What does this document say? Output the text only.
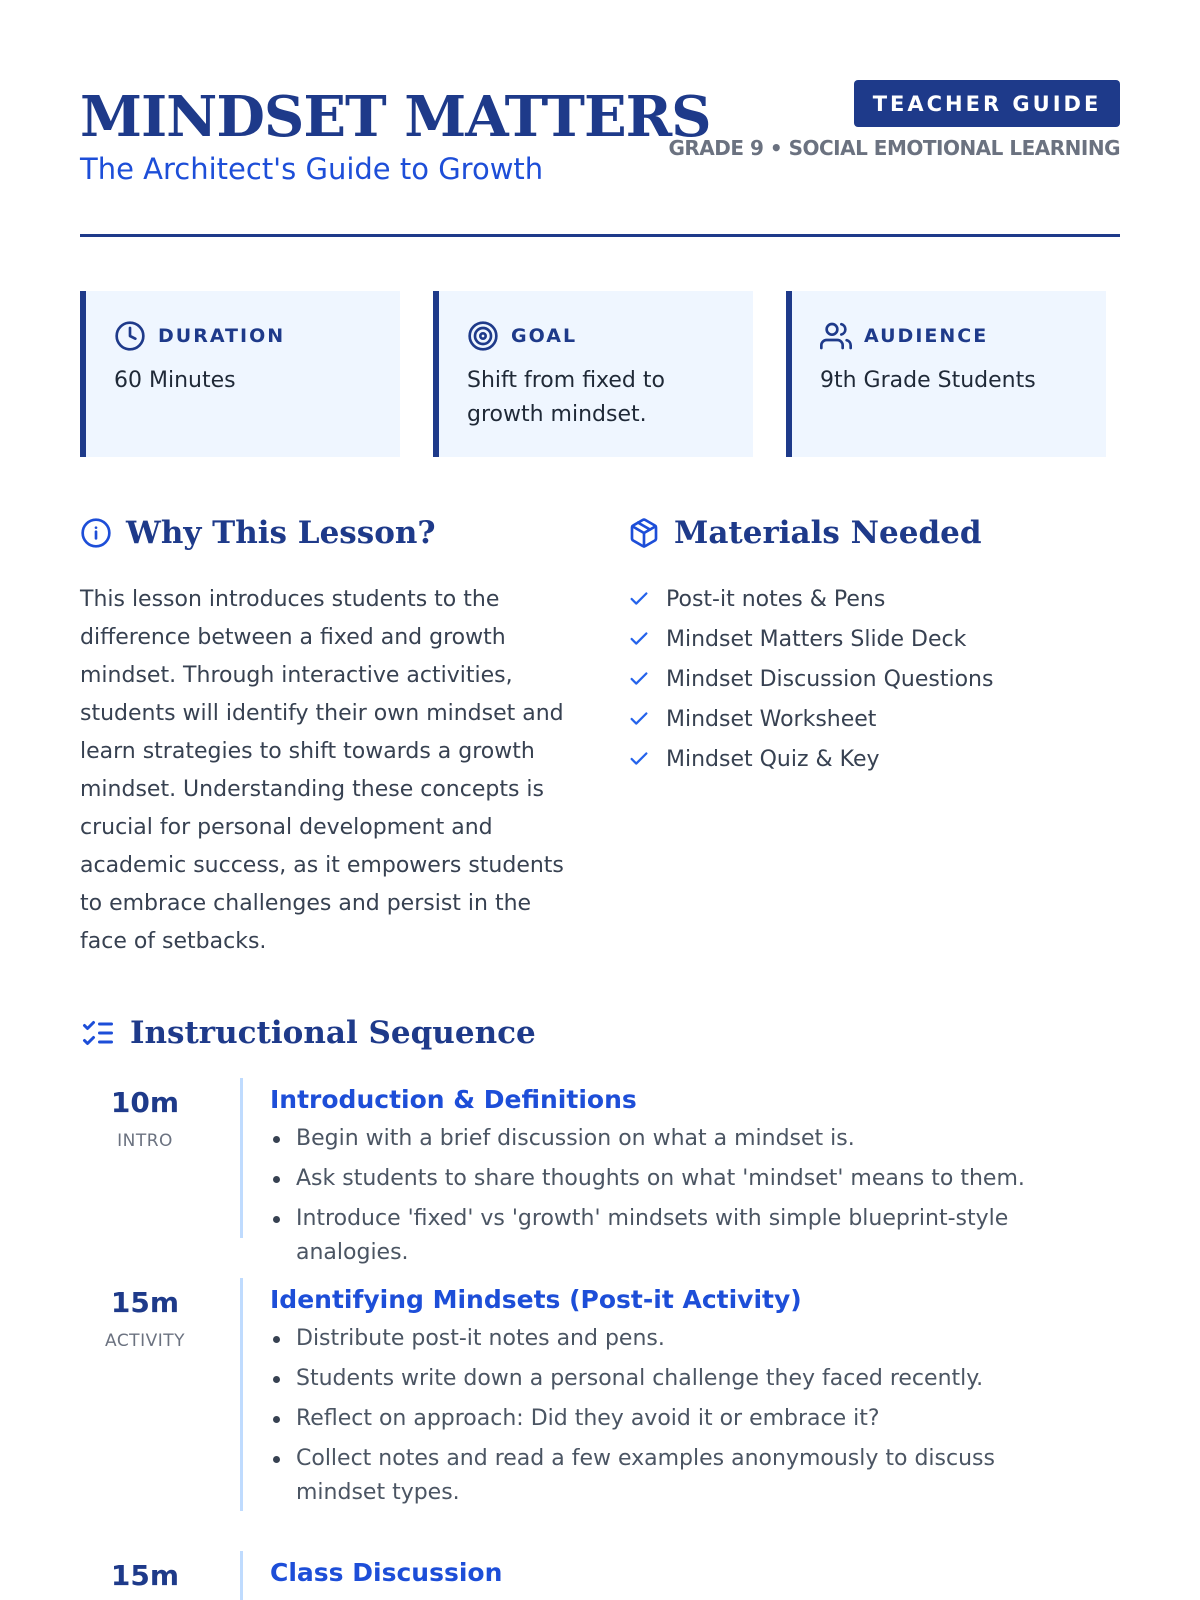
MINDSET MATTERS
The Architect's Guide to Growth
TEACHER GUIDE
GRADE 9 • SOCIAL EMOTIONAL LEARNING
DURATION
60 Minutes
GOAL
Shift from fixed to growth mindset.
AUDIENCE
9th Grade Students
Why This Lesson?

This lesson introduces students to the difference between a fixed and growth mindset. Through interactive activities, students will identify their own mindset and learn strategies to shift towards a growth mindset. Understanding these concepts is crucial for personal development and academic success, as it empowers students to embrace challenges and persist in the face of setbacks.

Materials Needed
Post-it notes & Pens
Mindset Matters Slide Deck
Mindset Discussion Questions
Mindset Worksheet
Mindset Quiz & Key
Instructional Sequence
10m
INTRO
Introduction & Definitions
Begin with a brief discussion on what a mindset is.
Ask students to share thoughts on what 'mindset' means to them.
Introduce 'fixed' vs 'growth' mindsets with simple blueprint-style analogies.
15m
ACTIVITY
Identifying Mindsets (Post-it Activity)
Distribute post-it notes and pens.
Students write down a personal challenge they faced recently.
Reflect on approach: Did they avoid it or embrace it?
Collect notes and read a few examples anonymously to discuss mindset types.
15m	Class Discussion
